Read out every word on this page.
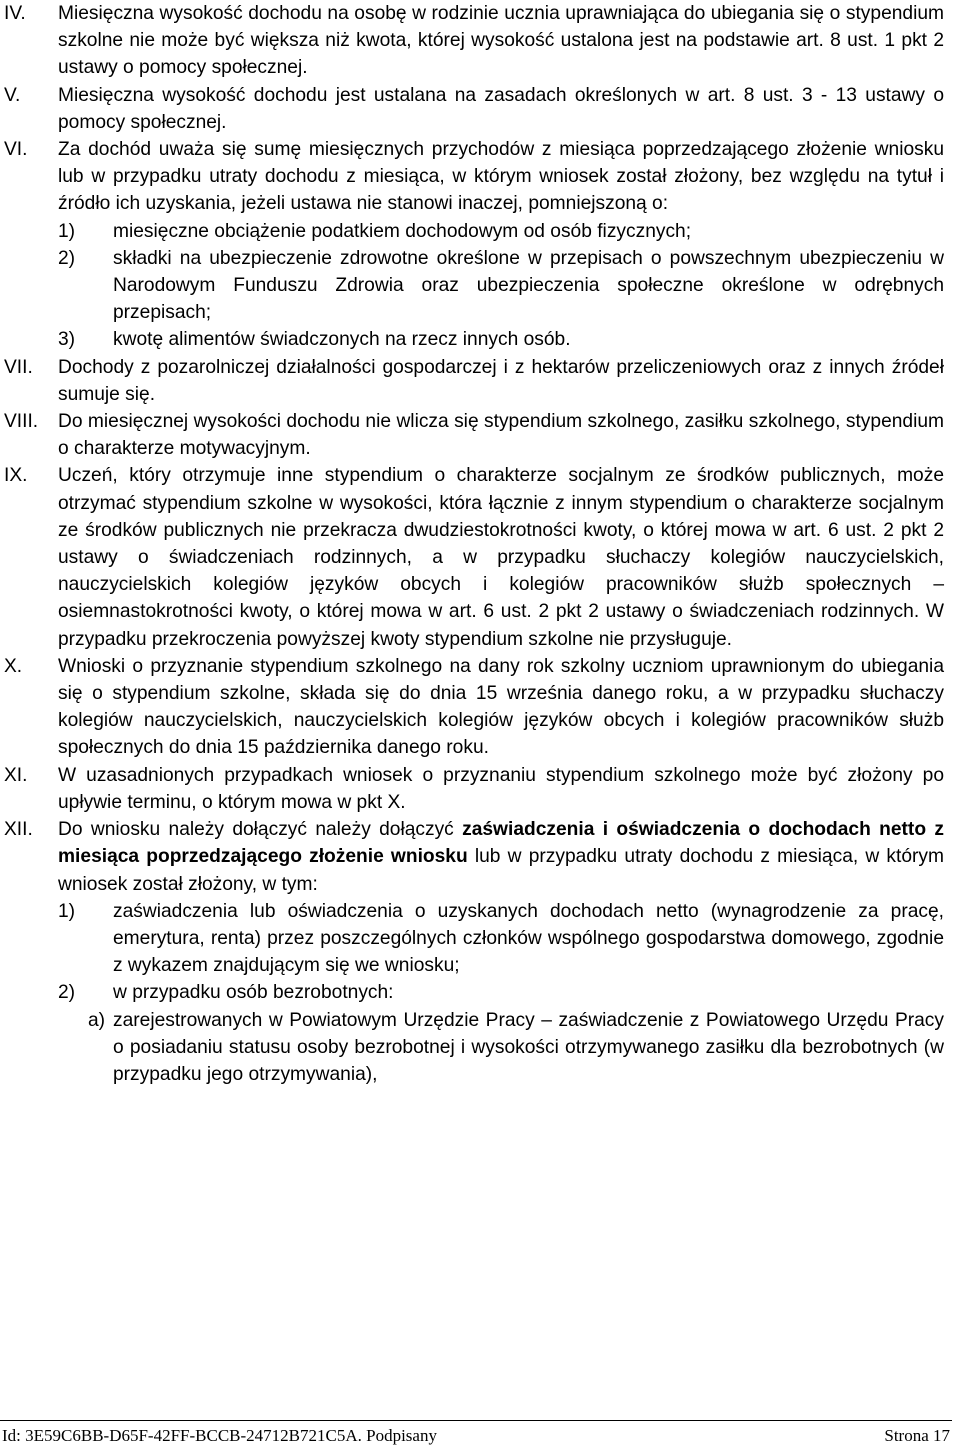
IV.	Miesięczna wysokość dochodu na osobę w rodzinie ucznia uprawniająca do ubiegania się o stypendium szkolne nie może być większa niż kwota, której wysokość ustalona jest na podstawie art. 8 ust. 1 pkt 2 ustawy o pomocy społecznej.

V.	Miesięczna wysokość dochodu jest ustalana na zasadach określonych w art. 8 ust. 3 - 13 ustawy o pomocy społecznej.

VI.	Za dochód uważa się sumę miesięcznych przychodów z miesiąca poprzedzającego złożenie wniosku lub w przypadku utraty dochodu z miesiąca, w którym wniosek został złożony, bez względu na tytuł i źródło ich uzyskania, jeżeli ustawa nie stanowi inaczej, pomniejszoną o:

1)	miesięczne obciążenie podatkiem dochodowym od osób fizycznych;
2)	składki na ubezpieczenie zdrowotne określone w przepisach o powszechnym ubezpieczeniu w Narodowym Funduszu Zdrowia oraz ubezpieczenia społeczne określone w odrębnych przepisach;
3)	kwotę alimentów świadczonych na rzecz innych osób.
VII.	Dochody z pozarolniczej działalności gospodarczej i z hektarów przeliczeniowych oraz z innych źródeł sumuje się.

VIII.	Do miesięcznej wysokości dochodu nie wlicza się stypendium szkolnego, zasiłku szkolnego, stypendium o charakterze motywacyjnym.

IX.	Uczeń, który otrzymuje inne stypendium o charakterze socjalnym ze środków publicznych, może otrzymać stypendium szkolne w wysokości, która łącznie z innym stypendium o charakterze socjalnym ze środków publicznych nie przekracza dwudziestokrotności kwoty, o której mowa w art. 6 ust. 2 pkt 2 ustawy o świadczeniach rodzinnych, a w przypadku słuchaczy kolegiów nauczycielskich, nauczycielskich kolegiów języków obcych i kolegiów pracowników służb społecznych – osiemnastokrotności kwoty, o której mowa w art. 6 ust. 2 pkt 2 ustawy o świadczeniach rodzinnych. W przypadku przekroczenia powyższej kwoty stypendium szkolne nie przysługuje.

X.	Wnioski o przyznanie stypendium szkolnego na dany rok szkolny uczniom uprawnionym do ubiegania się o stypendium szkolne, składa się do dnia 15 września danego roku, a w przypadku słuchaczy kolegiów nauczycielskich, nauczycielskich kolegiów języków obcych i kolegiów pracowników służb społecznych do dnia 15 października danego roku.

XI.	W uzasadnionych przypadkach wniosek o przyznaniu stypendium szkolnego może być złożony po upływie terminu, o którym mowa w pkt X.

XII.	Do wniosku należy dołączyć należy dołączyć zaświadczenia i oświadczenia o dochodach netto z miesiąca poprzedzającego złożenie wniosku lub w przypadku utraty dochodu z miesiąca, w którym wniosek został złożony, w tym:

1)	zaświadczenia lub oświadczenia o uzyskanych dochodach netto (wynagrodzenie za pracę, emerytura, renta) przez poszczególnych członków wspólnego gospodarstwa domowego, zgodnie z wykazem znajdującym się we wniosku;
2)	w przypadku osób bezrobotnych:
a) zarejestrowanych w Powiatowym Urzędzie Pracy – zaświadczenie z Powiatowego Urzędu Pracy o posiadaniu statusu osoby bezrobotnej i wysokości otrzymywanego zasiłku dla bezrobotnych (w przypadku jego otrzymywania),
Id: 3E59C6BB-D65F-42FF-BCCB-24712B721C5A. Podpisany	Strona 17
